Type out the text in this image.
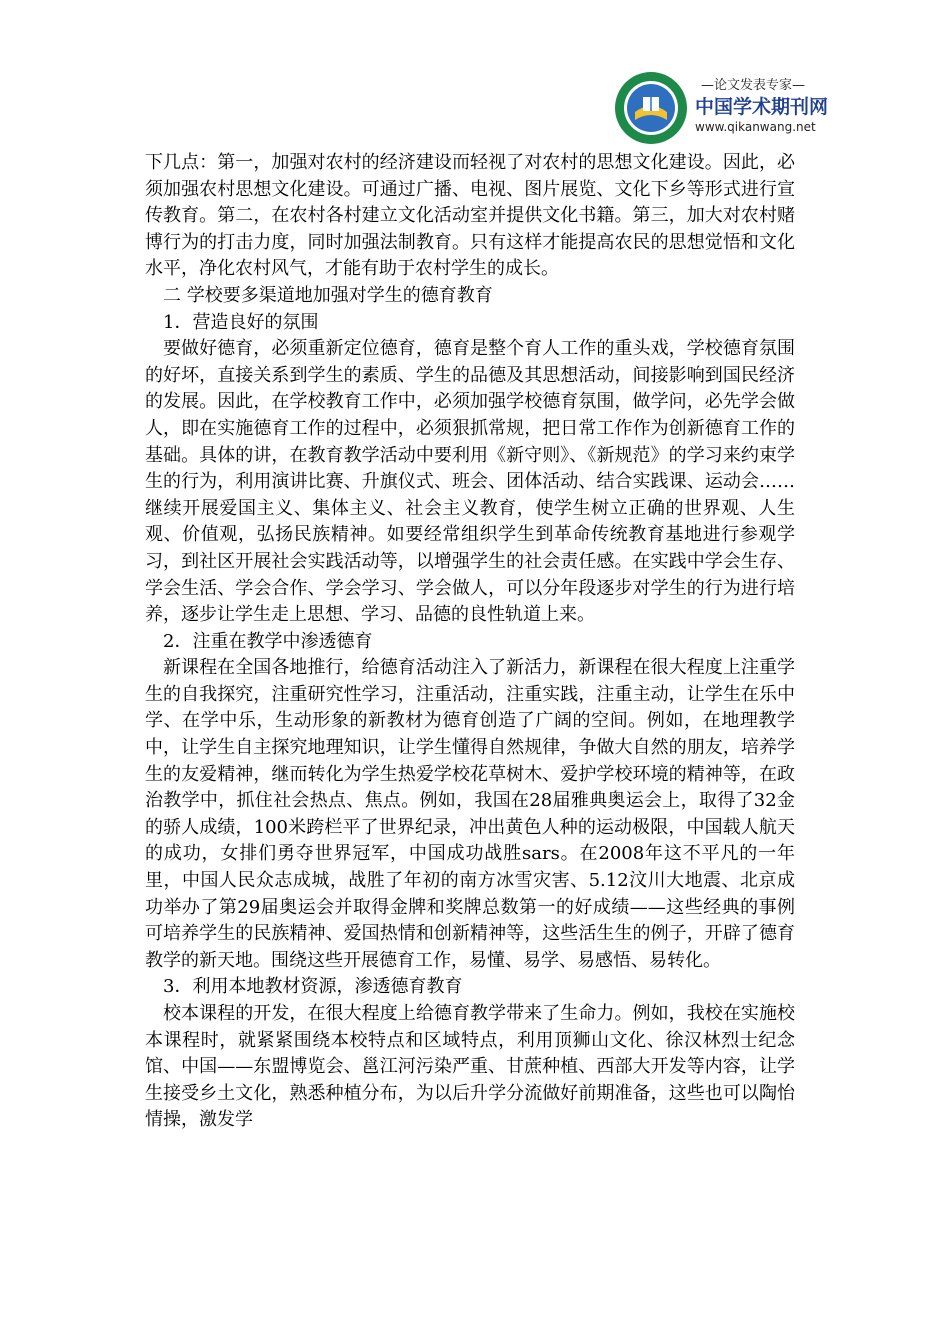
—论文发表专家—
中国学术期刊网
www.qikanwang.net

下几点：第一，加强对农村的经济建设而轻视了对农村的思想文化建设。因此，必须加强农村思想文化建设。可通过广播、电视、图片展览、文化下乡等形式进行宣传教育。第二，在农村各村建立文化活动室并提供文化书籍。第三，加大对农村赌博行为的打击力度，同时加强法制教育。只有这样才能提高农民的思想觉悟和文化水平，净化农村风气，才能有助于农村学生的成长。

二 学校要多渠道地加强对学生的德育教育

1．营造良好的氛围

要做好德育，必须重新定位德育，德育是整个育人工作的重头戏，学校德育氛围的好坏，直接关系到学生的素质、学生的品德及其思想活动，间接影响到国民经济的发展。因此，在学校教育工作中，必须加强学校德育氛围，做学问，必先学会做人，即在实施德育工作的过程中，必须狠抓常规，把日常工作作为创新德育工作的基础。具体的讲，在教育教学活动中要利用《新守则》、《新规范》的学习来约束学生的行为，利用演讲比赛、升旗仪式、班会、团体活动、结合实践课、运动会……继续开展爱国主义、集体主义、社会主义教育，使学生树立正确的世界观、人生观、价值观，弘扬民族精神。如要经常组织学生到革命传统教育基地进行参观学习，到社区开展社会实践活动等，以增强学生的社会责任感。在实践中学会生存、学会生活、学会合作、学会学习、学会做人，可以分年段逐步对学生的行为进行培养，逐步让学生走上思想、学习、品德的良性轨道上来。

2．注重在教学中渗透德育

新课程在全国各地推行，给德育活动注入了新活力，新课程在很大程度上注重学生的自我探究，注重研究性学习，注重活动，注重实践，注重主动，让学生在乐中学、在学中乐，生动形象的新教材为德育创造了广阔的空间。例如，在地理教学中，让学生自主探究地理知识，让学生懂得自然规律，争做大自然的朋友，培养学生的友爱精神，继而转化为学生热爱学校花草树木、爱护学校环境的精神等，在政治教学中，抓住社会热点、焦点。例如，我国在28届雅典奥运会上，取得了32金的骄人成绩，100米跨栏平了世界纪录，冲出黄色人种的运动极限，中国载人航天的成功，女排们勇夺世界冠军，中国成功战胜sars。在2008年这不平凡的一年里，中国人民众志成城，战胜了年初的南方冰雪灾害、5.12汶川大地震、北京成功举办了第29届奥运会并取得金牌和奖牌总数第一的好成绩——这些经典的事例可培养学生的民族精神、爱国热情和创新精神等，这些活生生的例子，开辟了德育教学的新天地。围绕这些开展德育工作，易懂、易学、易感悟、易转化。

3．利用本地教材资源，渗透德育教育

校本课程的开发，在很大程度上给德育教学带来了生命力。例如，我校在实施校本课程时，就紧紧围绕本校特点和区域特点，利用顶狮山文化、徐汉林烈士纪念馆、中国——东盟博览会、邕江河污染严重、甘蔗种植、西部大开发等内容，让学生接受乡土文化，熟悉种植分布，为以后升学分流做好前期准备，这些也可以陶怡情操，激发学
